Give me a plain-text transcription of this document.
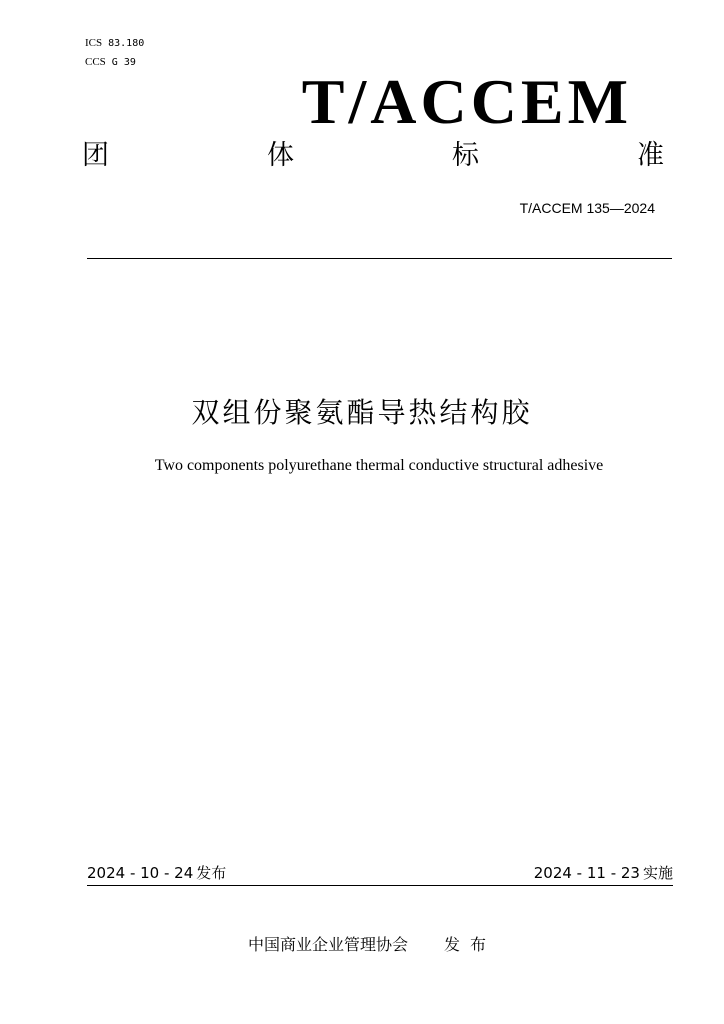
ICS 83.180
CCS G 39
T/ACCEM
团	体	标	准
T/ACCEM 135—2024
双组份聚氨酯导热结构胶
Two components polyurethane thermal conductive structural adhesive
2024 - 10 - 24 发布	2024 - 11 - 23 实施
中国商业企业管理协会 发布
